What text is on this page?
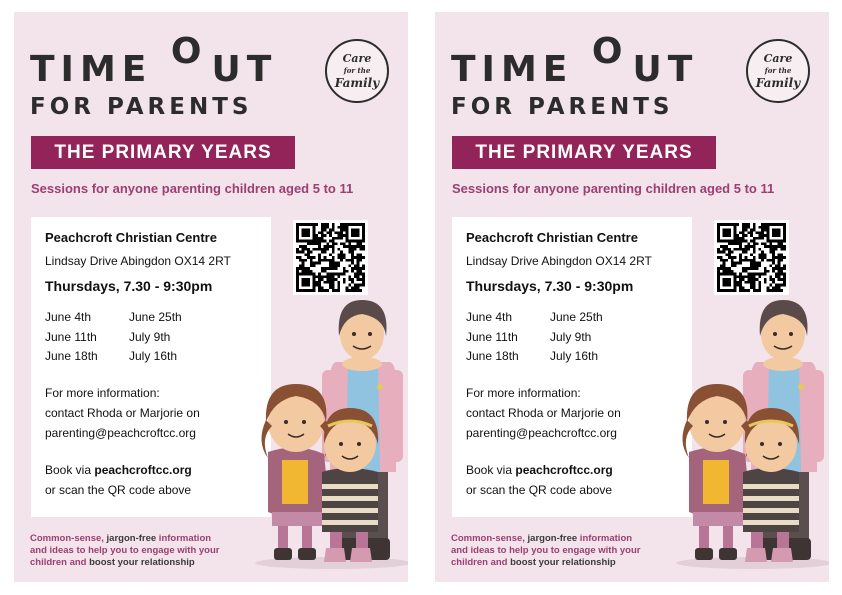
TIME O UT
FOR PARENTS
Care
for the
Family
THE PRIMARY YEARS
Sessions for anyone parenting children aged 5 to 11
Peachcroft Christian Centre
Lindsay Drive Abingdon OX14 2RT
Thursdays, 7.30 - 9:30pm
June 4th	June 25th
June 11th	July 9th
June 18th	July 16th
For more information:
contact Rhoda or Marjorie on
parenting@peachcroftcc.org
Book via peachcroftcc.org
or scan the QR code above
Common-sense, jargon-free information
and ideas to help you to engage with your
children and boost your relationship
TIME O UT
FOR PARENTS
Care
for the
Family
THE PRIMARY YEARS
Sessions for anyone parenting children aged 5 to 11
Peachcroft Christian Centre
Lindsay Drive Abingdon OX14 2RT
Thursdays, 7.30 - 9:30pm
June 4th	June 25th
June 11th	July 9th
June 18th	July 16th
For more information:
contact Rhoda or Marjorie on
parenting@peachcroftcc.org
Book via peachcroftcc.org
or scan the QR code above
Common-sense, jargon-free information
and ideas to help you to engage with your
children and boost your relationship
